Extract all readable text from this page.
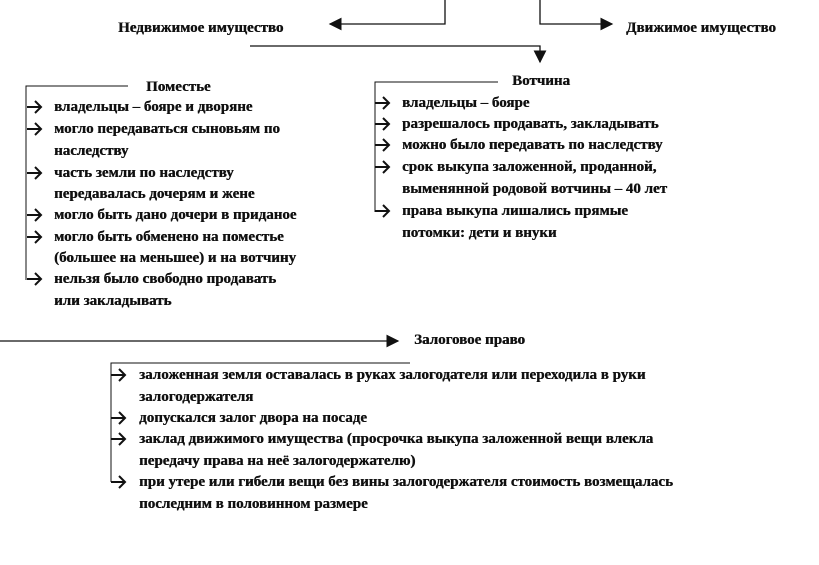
Недвижимое имущество	Движимое имущество
Поместье	Вотчина
Залоговое право
владельцы – бояре и дворяне
могло передаваться сыновьям по
наследству
часть земли по наследству
передавалась дочерям и жене
могло быть дано дочери в приданое
могло быть обменено на поместье
(большее на меньшее) и на вотчину
нельзя было свободно продавать
или закладывать
владельцы – бояре
разрешалось продавать, закладывать
можно было передавать по наследству
срок выкупа заложенной, проданной,
выменянной родовой вотчины – 40 лет
права выкупа лишались прямые
потомки: дети и внуки
заложенная земля оставалась в руках залогодателя или переходила в руки
залогодержателя
допускался залог двора на посаде
заклад движимого имущества (просрочка выкупа заложенной вещи влекла
передачу права на неё залогодержателю)
при утере или гибели вещи без вины залогодержателя стоимость возмещалась
последним в половинном размере
